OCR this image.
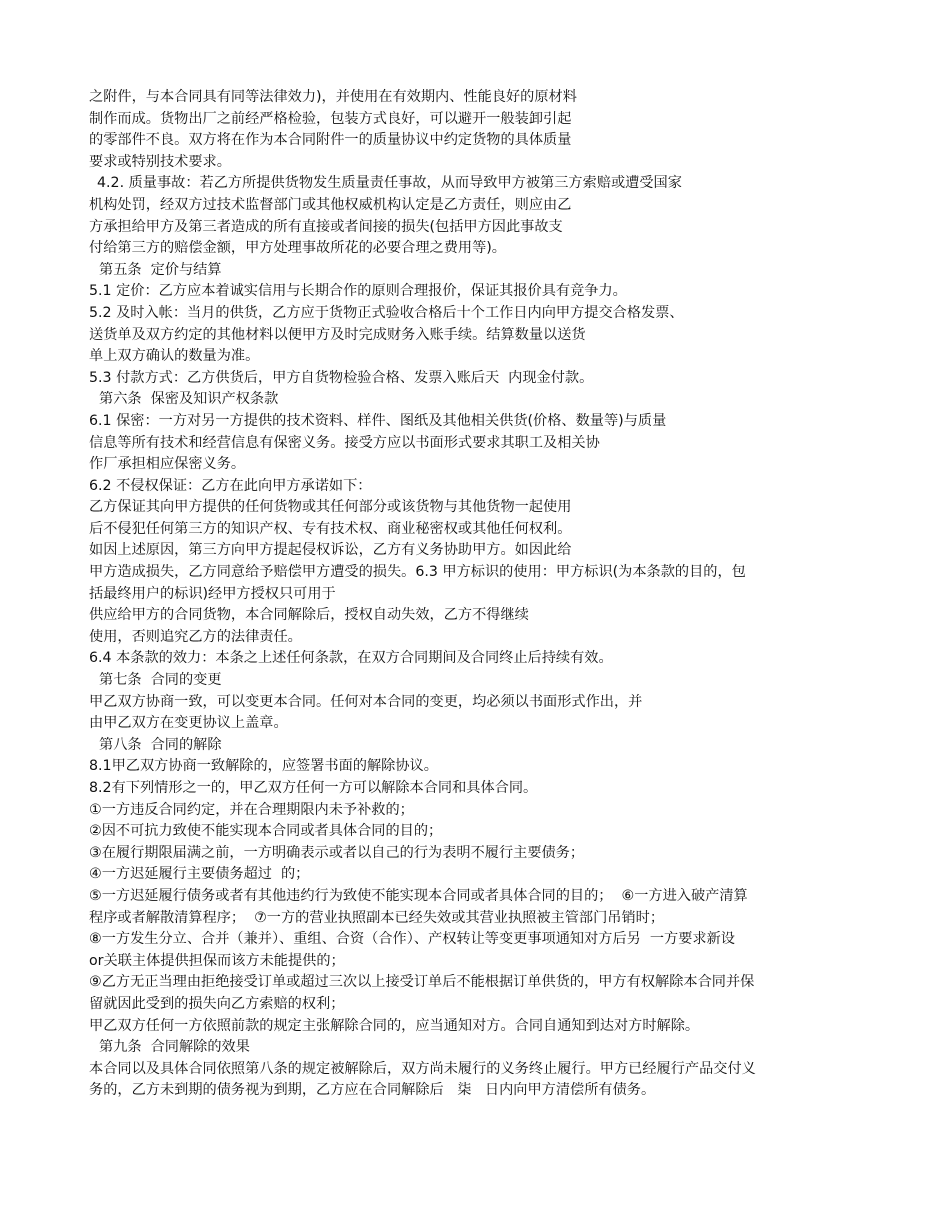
之附件，与本合同具有同等法律效力)，并使用在有效期内、性能良好的原材料
制作而成。货物出厂之前经严格检验，包装方式良好，可以避开一般装卸引起
的零部件不良。双方将在作为本合同附件一的质量协议中约定货物的具体质量
要求或特别技术要求。
4.2. 质量事故：若乙方所提供货物发生质量责任事故，从而导致甲方被第三方索赔或遭受国家
机构处罚，经双方过技术监督部门或其他权威机构认定是乙方责任，则应由乙
方承担给甲方及第三者造成的所有直接或者间接的损失(包括甲方因此事故支
付给第三方的赔偿金额，甲方处理事故所花的必要合理之费用等)。
第五条  定价与结算
5.1 定价：乙方应本着诚实信用与长期合作的原则合理报价，保证其报价具有竞争力。
5.2 及时入帐：当月的供货，乙方应于货物正式验收合格后十个工作日内向甲方提交合格发票、
送货单及双方约定的其他材料以便甲方及时完成财务入账手续。结算数量以送货
单上双方确认的数量为准。
5.3 付款方式：乙方供货后，甲方自货物检验合格、发票入账后天  内现金付款。
第六条  保密及知识产权条款
6.1 保密：一方对另一方提供的技术资料、样件、图纸及其他相关供货(价格、数量等)与质量
信息等所有技术和经营信息有保密义务。接受方应以书面形式要求其职工及相关协
作厂承担相应保密义务。
6.2 不侵权保证：乙方在此向甲方承诺如下：
乙方保证其向甲方提供的任何货物或其任何部分或该货物与其他货物一起使用
后不侵犯任何第三方的知识产权、专有技术权、商业秘密权或其他任何权利。
如因上述原因，第三方向甲方提起侵权诉讼，乙方有义务协助甲方。如因此给
甲方造成损失，乙方同意给予赔偿甲方遭受的损失。6.3 甲方标识的使用：甲方标识(为本条款的目的，包
括最终用户的标识)经甲方授权只可用于
供应给甲方的合同货物，本合同解除后，授权自动失效，乙方不得继续
使用，否则追究乙方的法律责任。
6.4 本条款的效力：本条之上述任何条款，在双方合同期间及合同终止后持续有效。
第七条  合同的变更
甲乙双方协商一致，可以变更本合同。任何对本合同的变更，均必须以书面形式作出，并
由甲乙双方在变更协议上盖章。
第八条  合同的解除
8.1甲乙双方协商一致解除的，应签署书面的解除协议。
8.2有下列情形之一的，甲乙双方任何一方可以解除本合同和具体合同。
①一方违反合同约定，并在合理期限内未予补救的；
②因不可抗力致使不能实现本合同或者具体合同的目的；
③在履行期限届满之前，一方明确表示或者以自己的行为表明不履行主要债务；
④一方迟延履行主要债务超过  的；
⑤一方迟延履行债务或者有其他违约行为致使不能实现本合同或者具体合同的目的；  ⑥一方进入破产清算
程序或者解散清算程序；  ⑦一方的营业执照副本已经失效或其营业执照被主管部门吊销时；
⑧一方发生分立、合并（兼并）、重组、合资（合作）、产权转让等变更事项通知对方后另  一方要求新设
or关联主体提供担保而该方未能提供的；
⑨乙方无正当理由拒绝接受订单或超过三次以上接受订单后不能根据订单供货的，甲方有权解除本合同并保
留就因此受到的损失向乙方索赔的权利；
甲乙双方任何一方依照前款的规定主张解除合同的，应当通知对方。合同自通知到达对方时解除。
第九条  合同解除的效果
本合同以及具体合同依照第八条的规定被解除后，双方尚未履行的义务终止履行。甲方已经履行产品交付义
务的，乙方未到期的债务视为到期，乙方应在合同解除后   柒   日内向甲方清偿所有债务。
